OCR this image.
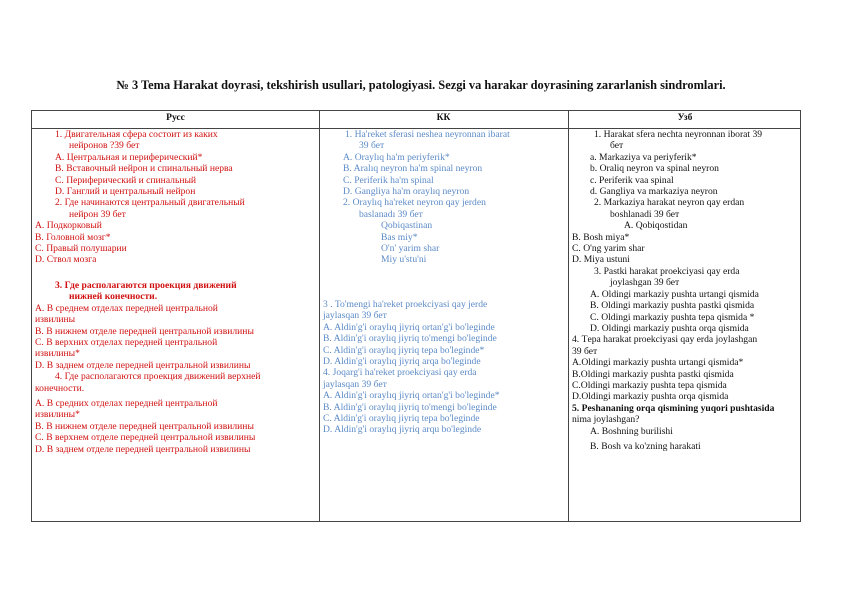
№ 3 Tema Harakat doyrasi, tekshirish usullari, patologiyasi. Sezgi va harakar doyrasining zararlanish sindromlari.
Русс	КК	Узб
1. Двигательная сфера состоит из каких
нейронов ?39 бет
A. Центральная и периферический*
B. Вставочный нейрон и спинальный нерва
C. Периферический и спинальный
D. Ганглий и центральный нейрон
2. Где начинаются центральный двигательный
нейрон 39 бет
A. Подкорковый
B. Головной мозг*
C. Правый полушарии
D. Ствол мозга
3. Где располагаются проекция движений
нижней конечности.
A. В среднем отделах передней центральной
извилины
B. В нижнем отделе передней центральной извилины
C. В верхних отделах передней центральной
извилины*
D. В заднем отделе передней центральной извилины
4. Где располагаются проекция движений верхней
конечности.
A. В средних отделах передней центральной
извилины*
B. В нижнем отделе передней центральной извилины
C. В верхнем отделе передней центральной извилины
D. В заднем отделе передней центральной извилины
1. Ha'reket sferasi neshea neyronnan ibarat
39 бет
A. Oraylıq ha'm periyferik*
B. Aralıq neyron ha'm spinal neyron
C. Periferik ha'm spinal
D. Gangliya ha'm oraylıq neyron
2. Oraylıq ha'reket neyron qay jerden
baslanadı 39 бет
Qobiqastinan
Bas miy*
O'n' yarim shar
Miy u'stu'ni
3 . To'mengi ha'reket proekciyasi qay jerde
jaylasqan 39 бет
A. Aldin'g'i oraylıq jiyriq ortan'g'i bo'leginde
B. Aldin'g'i oraylıq jiyriq to'mengi bo'leginde
C. Aldin'g'i oraylıq jiyriq tepa bo'leginde*
D. Aldin'g'i oraylıq jiyriq arqa bo'leginde
4. Joqarg'i ha'reket proekciyasi qay erda
jaylasqan 39 бет
A. Aldin'g'i oraylıq jiyriq ortan'g'i bo'leginde*
B. Aldin'g'i oraylıq jiyriq to'mengi bo'leginde
C. Aldin'g'i oraylıq jiyriq tepa bo'leginde
D. Aldin'g'i oraylıq jiyriq arqu bo'leginde
1. Harakat sfera nechta neyronnan iborat 39
бет
a. Markaziya va periyferik*
b. Oraliq neyron va spinal neyron
c. Periferik vaa spinal
d. Gangliya va markaziya neyron
2. Markaziya harakat neyron qay erdan
boshlanadi 39 бет
A. Qobiqostidan
B. Bosh miya*
C. O'ng yarim shar
D. Miya ustuni
3. Pastki harakat proekciyasi qay erda
joylashgan 39 бет
A. Oldingi markaziy pushta urtangi qismida
B. Oldingi markaziy pushta pastki qismida
C. Oldingi markaziy pushta tepa qismida *
D. Oldingi markaziy pushta orqa qismida
4. Тepa harakat proekciyasi qay erda joylashgan
39 бет
A.Oldingi markaziy pushta urtangi qismida*
B.Oldingi markaziy pushta pastki qismida
C.Oldingi markaziy pushta tepa qismida
D.Oldingi markaziy pushta orqa qismida
5. Peshananing orqa qismining yuqori pushtasida
nima joylashgan?
A. Boshning burilishi
B. Bosh va ko'zning harakati
